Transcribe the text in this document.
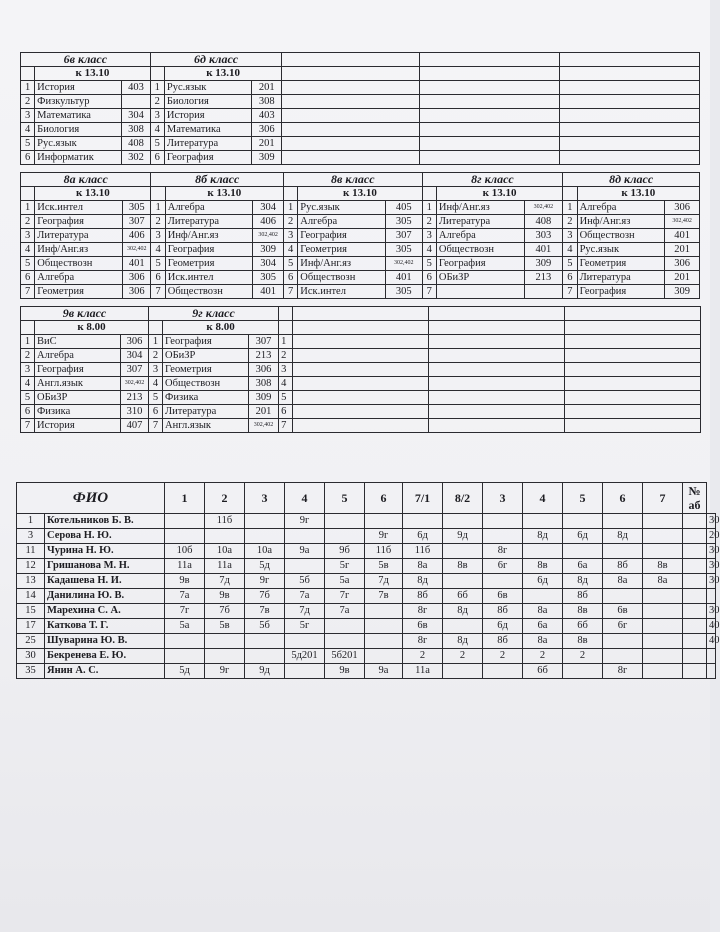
6в класс			6д класс					
	к 13.10			к 13.10				
1	История	403	1	Рус.язык	201			
2	Физкультур		2	Биология	308			
3	Математика	304	3	История	403			
4	Биология	308	4	Математика	306			
5	Рус.язык	408	5	Литература	201			
6	Информатик	302	6	География	309			
8а класс			8б класс			8в класс			8г класс			8д класс		
	к 13.10			к 13.10			к 13.10			к 13.10			к 13.10	
1	Иск.интел	305	1	Алгебра	304	1	Рус.язык	405	1	Инф/Анг.яз	302,402	1	Алгебра	306
2	География	307	2	Литература	406	2	Алгебра	305	2	Литература	408	2	Инф/Анг.яз	302,402
3	Литература	406	3	Инф/Анг.яз	302,402	3	География	307	3	Алгебра	303	3	Обществозн	401
4	Инф/Анг.яз	302,402	4	География	309	4	Геометрия	305	4	Обществозн	401	4	Рус.язык	201
5	Обществозн	401	5	Геометрия	304	5	Инф/Анг.яз	302,402	5	География	309	5	Геометрия	306
6	Алгебра	306	6	Иск.интел	305	6	Обществозн	401	6	ОБиЗР	213	6	Литература	201
7	Геометрия	306	7	Обществозн	401	7	Иск.интел	305	7			7	География	309
9в класс			9г класс						
	к 8.00			к 8.00					
1	ВиС	306	1	География	307	1			
2	Алгебра	304	2	ОБиЗР	213	2			
3	География	307	3	Геометрия	306	3			
4	Англ.язык	302,402	4	Обществозн	308	4			
5	ОБиЗР	213	5	Физика	309	5			
6	Физика	310	6	Литература	201	6			
7	История	407	7	Англ.язык	302,402	7			
ФИО		1	2	3	4	5	6	7/1	8/2	3	4	5	6	7	№ аб	
1	Котельников Б. В.		11б		9г											30
3	Серова Н. Ю.						9г	6д	9д		8д	6д	8д			20
11	Чурина Н. Ю.	10б	10а	10а	9а	9б	11б	11б		8г						30
12	Гришанова М. Н.	11а	11а	5д		5г	5в	8а	8в	6г	8в	6а	8б	8в		30
13	Кадашева Н. И.	9в	7д	9г	5б	5а	7д	8д			6д	8д	8а	8а		30
14	Данилина Ю. В.	7а	9в	7б	7а	7г	7в	8б	6б	6в		8б				
15	Марехина С. А.	7г	7б	7в	7д	7а		8г	8д	8б	8а	8в	6в			30
17	Каткова Т. Г.	5а	5в	5б	5г			6в		6д	6а	6б	6г			40
25	Шуварина Ю. В.							8г	8д	8б	8а	8в				40
30	Бекренева Е. Ю.				5д201	5б201		2	2	2	2	2				
35	Янин А. С.	5д	9г	9д		9в	9а	11а			6б		8г			
